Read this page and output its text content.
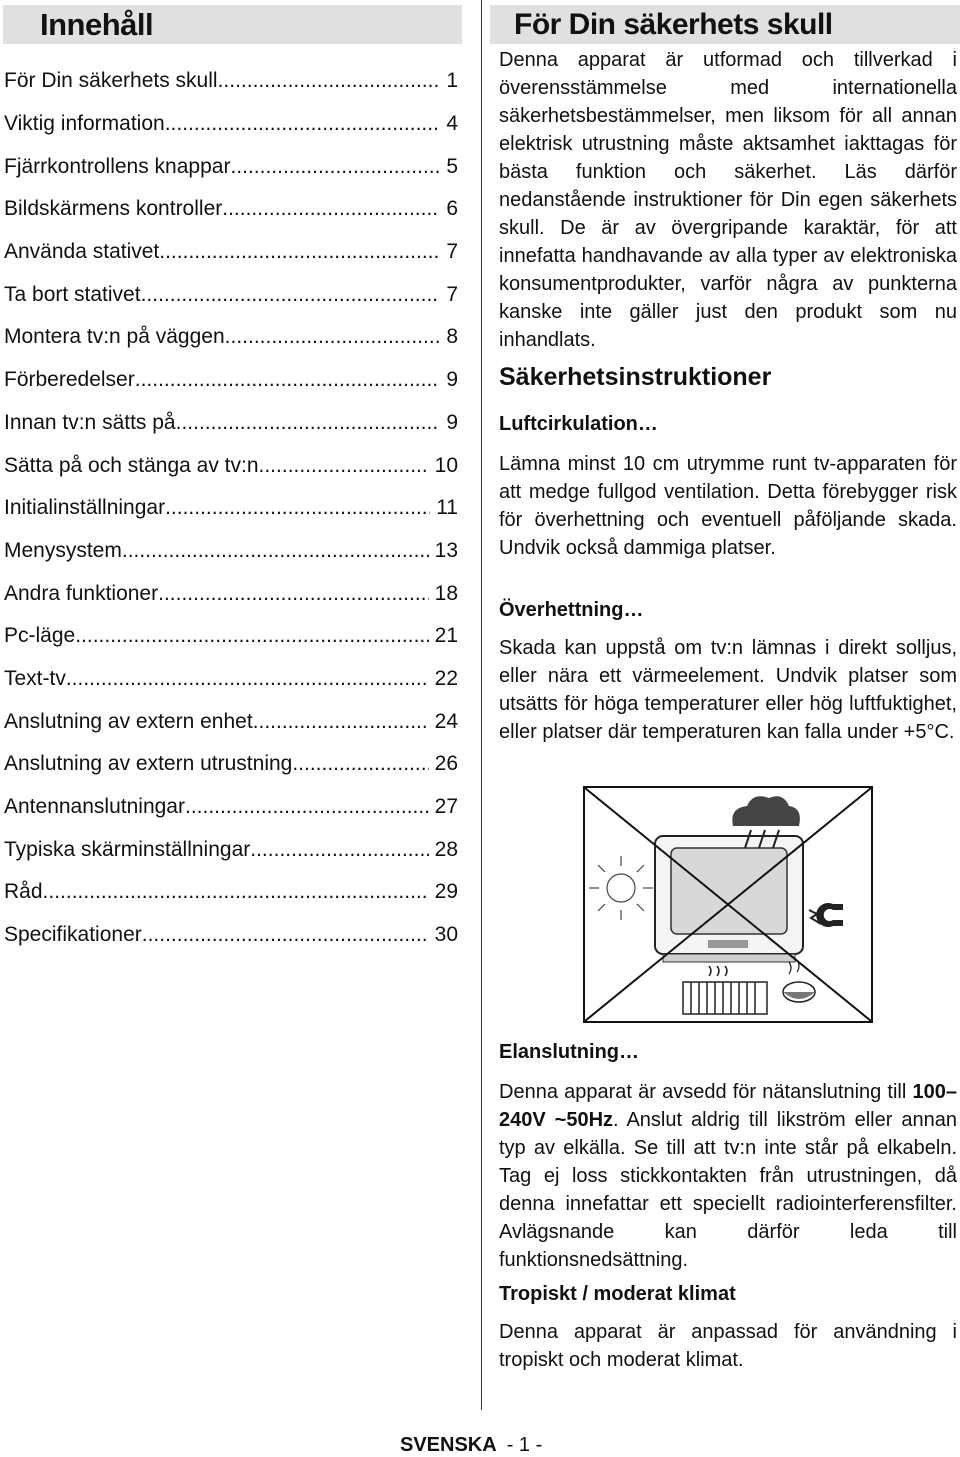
Innehåll
För Din säkerhets skull .....	1
Viktig information .....	4
Fjärrkontrollens knappar .....	5
Bildskärmens kontroller .....	6
Använda stativet .....	7
Ta bort stativet .....	7
Montera tv:n på väggen .....	8
Förberedelser .....	9
Innan tv:n sätts på .....	9
Sätta på och stänga av tv:n .....	10
Initialinställningar .....	11
Menysystem .....	13
Andra funktioner .....	18
Pc-läge .....	21
Text-tv .....	22
Anslutning av extern enhet .....	24
Anslutning av extern utrustning .....	26
Antennanslutningar .....	27
Typiska skärminställningar .....	28
Råd .....	29
Specifikationer .....	30
För Din säkerhets skull

Denna apparat är utformad och tillverkad i överensstämmelse med internationella säkerhetsbestämmelser, men liksom för all annan elektrisk utrustning måste aktsamhet iakttagas för bästa funktion och säkerhet. Läs därför nedanstående instruktioner för Din egen säkerhets skull. De är av övergripande karaktär, för att innefatta handhavande av alla typer av elektroniska konsumentprodukter, varför några av punkterna kanske inte gäller just den produkt som nu inhandlats.

Säkerhetsinstruktioner

Luftcirkulation…

Lämna minst 10 cm utrymme runt tv-apparaten för att medge fullgod ventilation. Detta förebygger risk för överhettning och eventuell påföljande skada. Undvik också dammiga platser.

Överhettning…

Skada kan uppstå om tv:n lämnas i direkt solljus, eller nära ett värmeelement. Undvik platser som utsätts för höga temperaturer eller hög luftfuktighet, eller platser där temperaturen kan falla under +5°C.

Elanslutning…

Denna apparat är avsedd för nätanslutning till 100–240V ~50Hz. Anslut aldrig till likström eller annan typ av elkälla. Se till att tv:n inte står på elkabeln. Tag ej loss stickkontakten från utrustningen, då denna innefattar ett speciellt radiointerferensfilter. Avlägsnande kan därför leda till funktionsnedsättning.

Tropiskt / moderat klimat

Denna apparat är anpassad för användning i tropiskt och moderat klimat.

SVENSKA - 1 -
